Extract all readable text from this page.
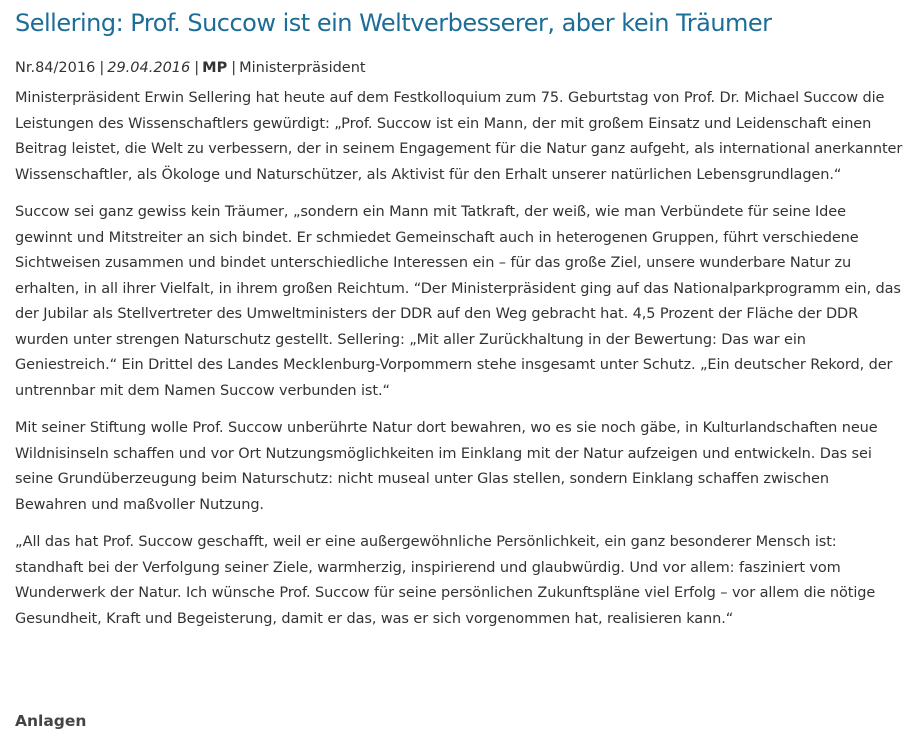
Sellering: Prof. Succow ist ein Weltverbesserer, aber kein Träumer
Nr.84/2016 | 29.04.2016 | MP | Ministerpräsident

Ministerpräsident Erwin Sellering hat heute auf dem Festkolloquium zum 75. Geburtstag von Prof. Dr. Michael Succow die Leistungen des Wissenschaftlers gewürdigt: „Prof. Succow ist ein Mann, der mit großem Einsatz und Leidenschaft einen Beitrag leistet, die Welt zu verbessern, der in seinem Engagement für die Natur ganz aufgeht, als international anerkannter Wissenschaftler, als Ökologe und Naturschützer, als Aktivist für den Erhalt unserer natürlichen Lebensgrundlagen.“

Succow sei ganz gewiss kein Träumer, „sondern ein Mann mit Tatkraft, der weiß, wie man Verbündete für seine Idee gewinnt und Mitstreiter an sich bindet. Er schmiedet Gemeinschaft auch in heterogenen Gruppen, führt verschiedene Sichtweisen zusammen und bindet unterschiedliche Interessen ein – für das große Ziel, unsere wunderbare Natur zu erhalten, in all ihrer Vielfalt, in ihrem großen Reichtum. “Der Ministerpräsident ging auf das Nationalparkprogramm ein, das der Jubilar als Stellvertreter des Umweltministers der DDR auf den Weg gebracht hat. 4,5 Prozent der Fläche der DDR wurden unter strengen Naturschutz gestellt. Sellering: „Mit aller Zurückhaltung in der Bewertung: Das war ein Geniestreich.“ Ein Drittel des Landes Mecklenburg-Vorpommern stehe insgesamt unter Schutz. „Ein deutscher Rekord, der untrennbar mit dem Namen Succow verbunden ist.“

Mit seiner Stiftung wolle Prof. Succow unberührte Natur dort bewahren, wo es sie noch gäbe, in Kulturlandschaften neue Wildnisinseln schaffen und vor Ort Nutzungsmöglichkeiten im Einklang mit der Natur aufzeigen und entwickeln. Das sei seine Grundüberzeugung beim Naturschutz: nicht museal unter Glas stellen, sondern Einklang schaffen zwischen Bewahren und maßvoller Nutzung.

„All das hat Prof. Succow geschafft, weil er eine außergewöhnliche Persönlichkeit, ein ganz besonderer Mensch ist: standhaft bei der Verfolgung seiner Ziele, warmherzig, inspirierend und glaubwürdig. Und vor allem: fasziniert vom Wunderwerk der Natur. Ich wünsche Prof. Succow für seine persönlichen Zukunftspläne viel Erfolg – vor allem die nötige Gesundheit, Kraft und Begeisterung, damit er das, was er sich vorgenommen hat, realisieren kann.“

Anlagen
